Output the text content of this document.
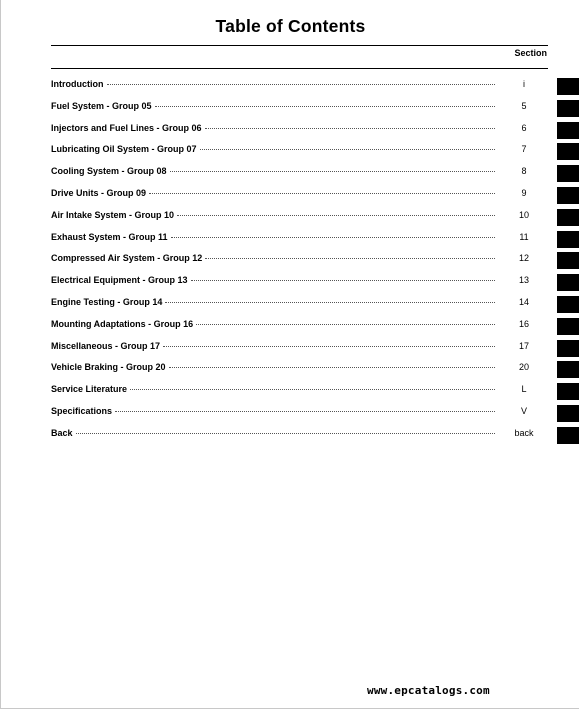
Table of Contents
Section
Introduction	i
Fuel System - Group 05	5
Injectors and Fuel Lines - Group 06	6
Lubricating Oil System - Group 07	7
Cooling System - Group 08	8
Drive Units - Group 09	9
Air Intake System - Group 10	10
Exhaust System - Group 11	11
Compressed Air System - Group 12	12
Electrical Equipment - Group 13	13
Engine Testing - Group 14	14
Mounting Adaptations - Group 16	16
Miscellaneous - Group 17	17
Vehicle Braking - Group 20	20
Service Literature	L
Specifications	V
Back	back
www.epcatalogs.com
